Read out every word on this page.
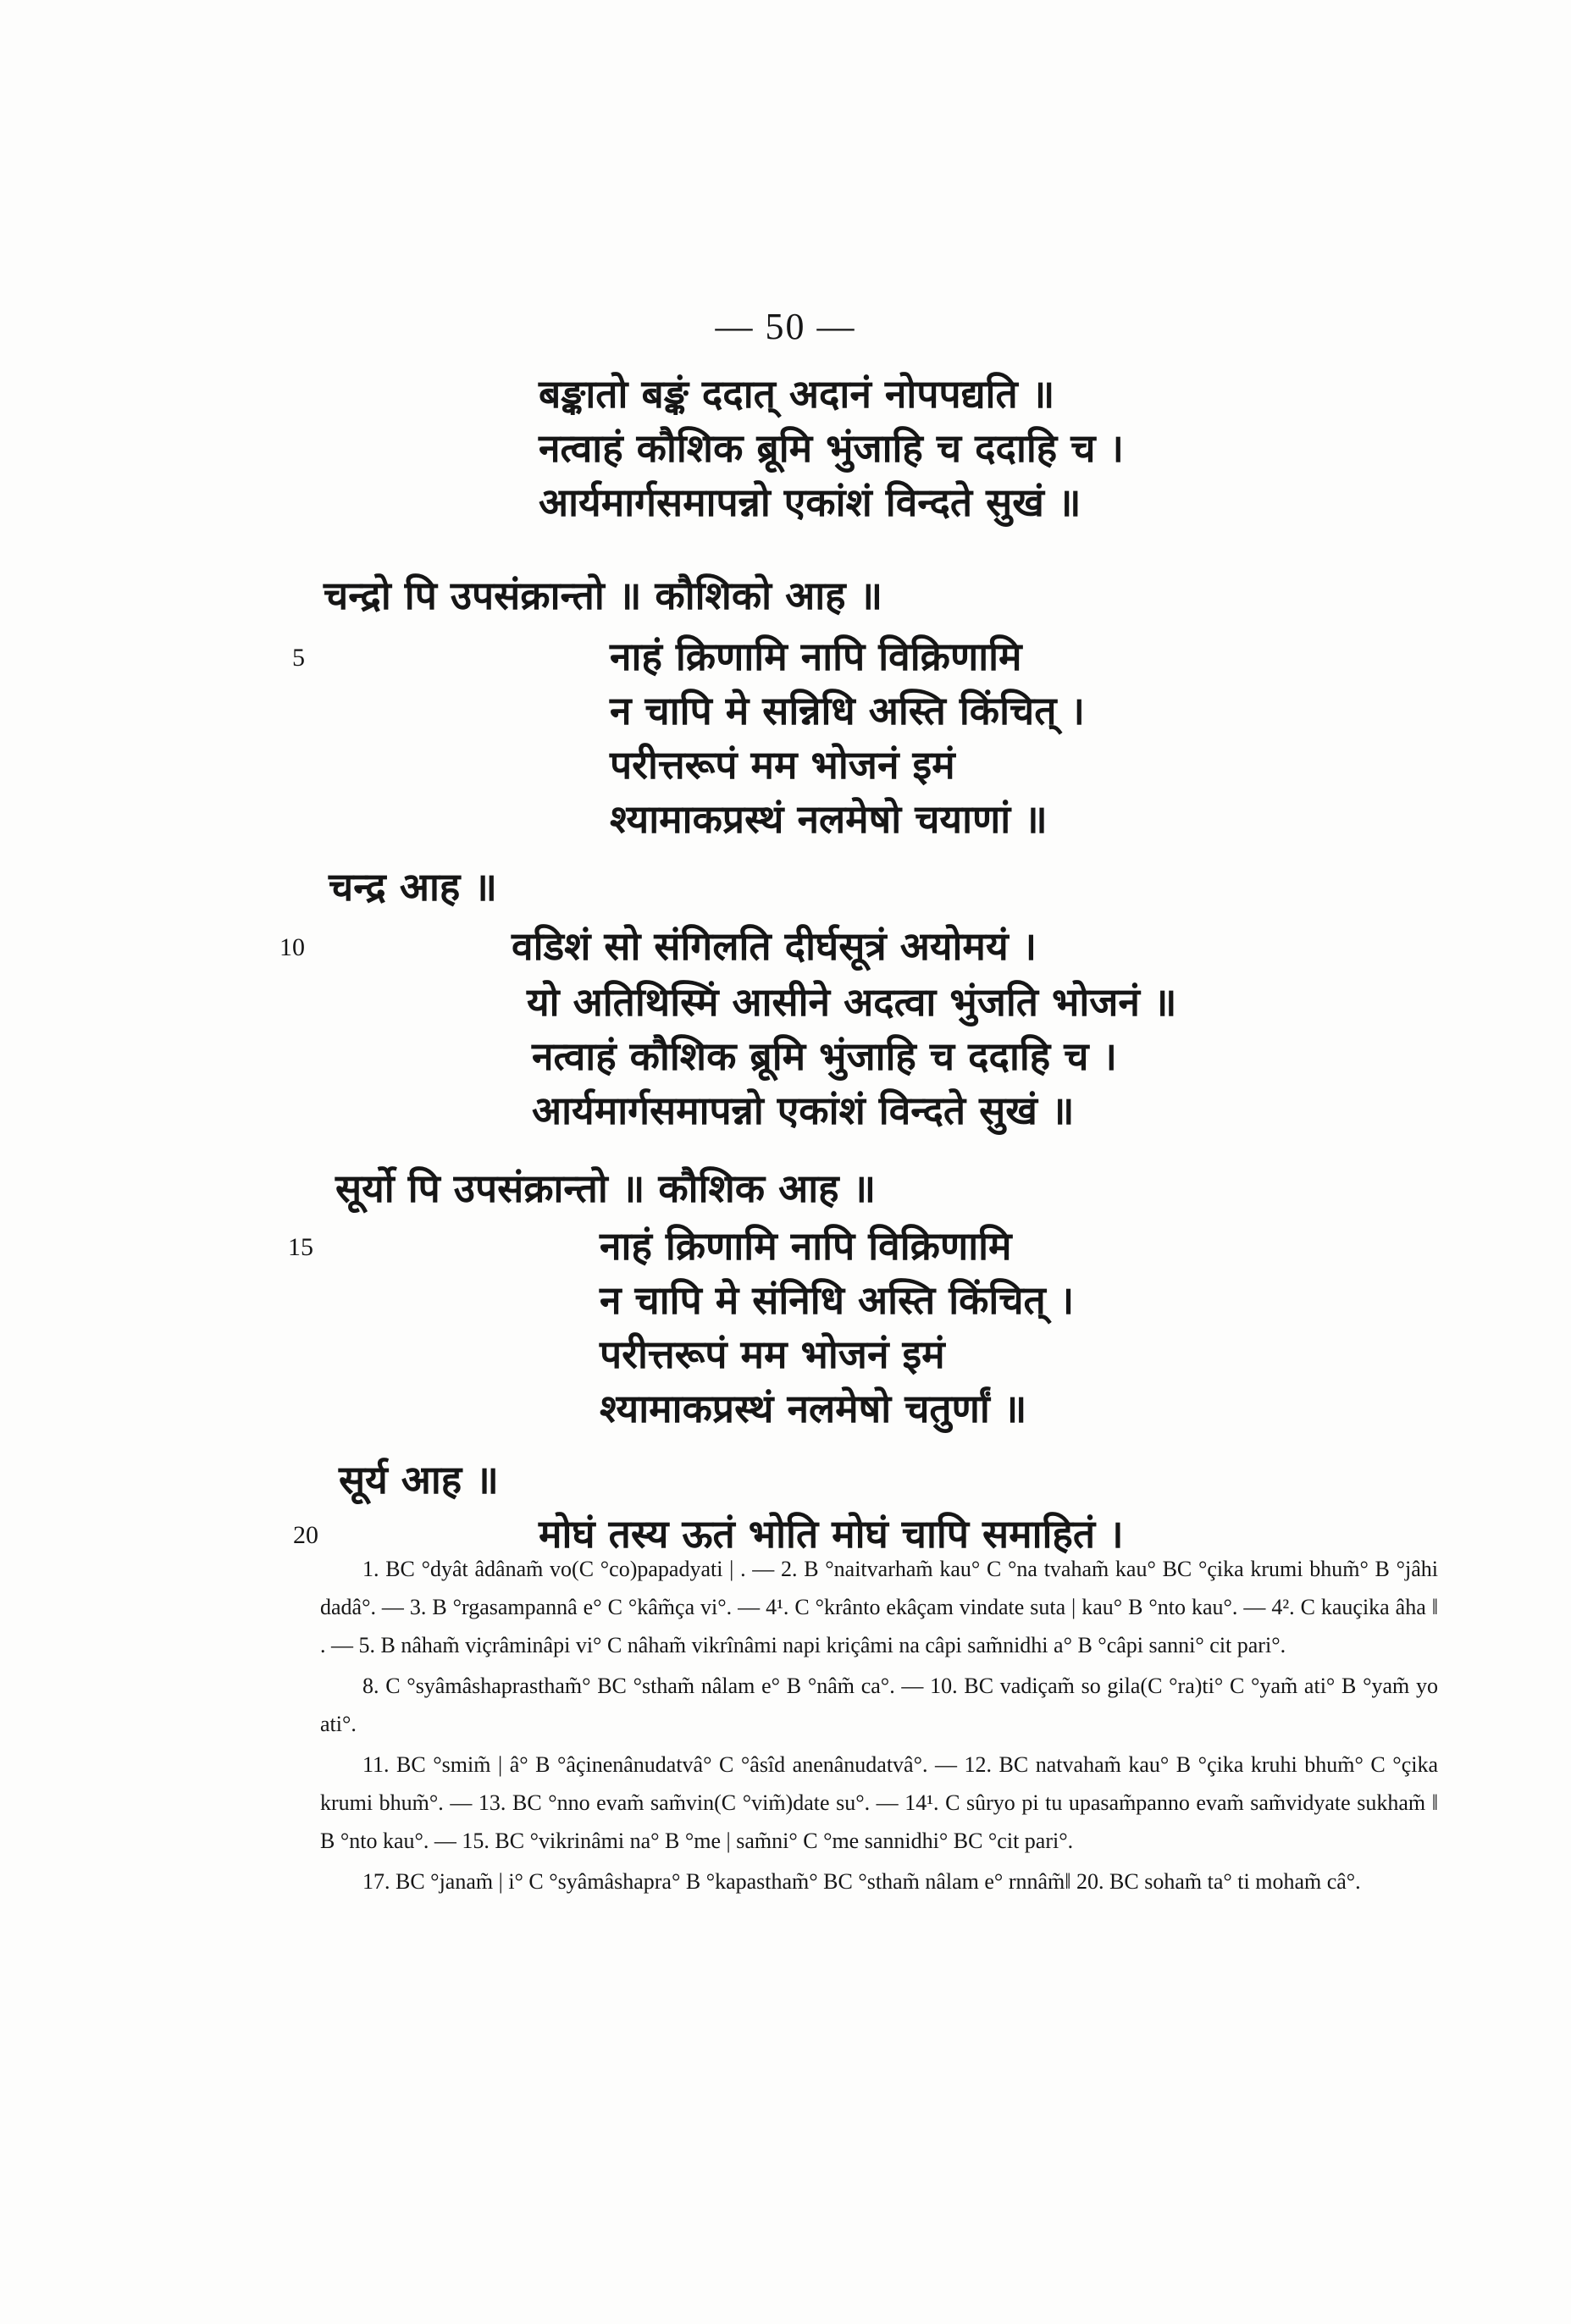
— 50 —
बङ्कातो बङ्कं ददात् अदानं नोपपद्यति ॥
नत्वाहं कौशिक ब्रूमि भुंजाहि च ददाहि च ।
आर्यमार्गसमापन्नो एकांशं विन्दते सुखं ॥
चन्द्रो पि उपसंक्रान्तो ॥ कौशिको आह ॥
5	नाहं क्रिणामि नापि विक्रिणामि
न चापि मे सन्निधि अस्ति किंचित् ।
परीत्तरूपं मम भोजनं इमं
श्यामाकप्रस्थं नलमेषो चयाणां ॥
चन्द्र आह ॥
10	वडिशं सो संगिलति दीर्घसूत्रं अयोमयं ।
यो अतिथिस्मिं आसीने अदत्वा भुंजति भोजनं ॥
नत्वाहं कौशिक ब्रूमि भुंजाहि च ददाहि च ।
आर्यमार्गसमापन्नो एकांशं विन्दते सुखं ॥
सूर्यो पि उपसंक्रान्तो ॥ कौशिक आह ॥
15	नाहं क्रिणामि नापि विक्रिणामि
न चापि मे संनिधि अस्ति किंचित् ।
परीत्तरूपं मम भोजनं इमं
श्यामाकप्रस्थं नलमेषो चतुर्णां ॥
सूर्य आह ॥
20	मोघं तस्य ऊतं भोति मोघं चापि समाहितं ।

1. BC °dyât âdânam̃ vo(C °co)papadyati | . — 2. B °naitvarham̃ kau° C °na tvaham̃ kau° BC °çika krumi bhum̃° B °jâhi dadâ°. — 3. B °rgasampannâ e° C °kâm̃ça vi°. — 4¹. C °krânto ekâçam vindate suta | kau° B °nto kau°. — 4². C kauçika âha ‖ . — 5. B nâham̃ viçrâminâpi vi° C nâham̃ vikrînâmi napi kriçâmi na câpi sam̃nidhi a° B °câpi sanni° cit pari°.

8. C °syâmâshaprastham̃° BC °stham̃ nâlam e° B °nâm̃ ca°. — 10. BC vadiçam̃ so gila(C °ra)ti° C °yam̃ ati° B °yam̃ yo ati°.

11. BC °smim̃ | â° B °âçinenânudatvâ° C °âsîd anenânudatvâ°. — 12. BC natvaham̃ kau° B °çika kruhi bhum̃° C °çika krumi bhum̃°. — 13. BC °nno evam̃ sam̃vin(C °vim̃)date su°. — 14¹. C sûryo pi tu upasam̃panno evam̃ sam̃vidyate sukham̃ ‖ B °nto kau°. — 15. BC °vikrinâmi na° B °me | sam̃ni° C °me sannidhi° BC °cit pari°.

17. BC °janam̃ | i° C °syâmâshapra° B °kapastham̃° BC °stham̃ nâlam e° rnnâm̃‖ 20. BC soham̃ ta° ti moham̃ câ°.
